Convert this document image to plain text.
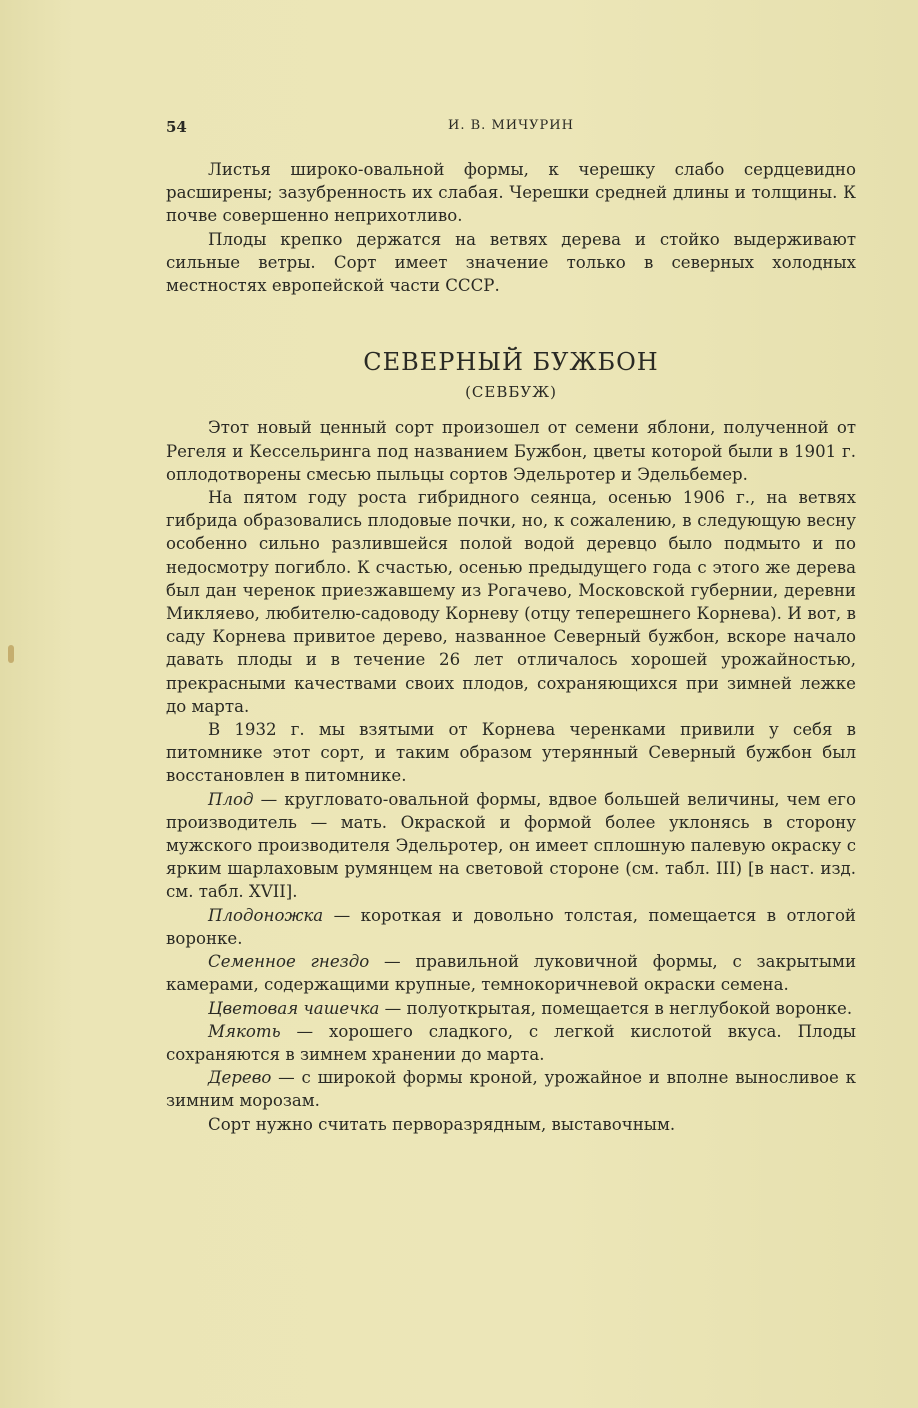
54	И. В. МИЧУРИН

Листья широко-овальной формы, к черешку слабо сердцевидно расширены; зазубренность их слабая. Черешки средней длины и толщины. К почве совершенно неприхотливо.

Плоды крепко держатся на ветвях дерева и стойко выдерживают сильные ветры. Сорт имеет значение только в северных холодных местностях европейской части СССР.

СЕВЕРНЫЙ БУЖБОН
(СЕВБУЖ)

Этот новый ценный сорт произошел от семени яблони, полученной от Регеля и Кессельринга под названием Бужбон, цветы которой были в 1901 г. оплодотворены смесью пыльцы сортов Эдельротер и Эдельбемер.

На пятом году роста гибридного сеянца, осенью 1906 г., на ветвях гибрида образовались плодовые почки, но, к сожалению, в следующую весну особенно сильно разлившейся полой водой деревцо было подмыто и по недосмотру погибло. К счастью, осенью предыдущего года с этого же дерева был дан черенок приезжавшему из Рогачево, Московской губернии, деревни Микляево, любителю-садоводу Корневу (отцу теперешнего Корнева). И вот, в саду Корнева привитое дерево, названное Северный бужбон, вскоре начало давать плоды и в течение 26 лет отличалось хорошей урожайностью, прекрасными качествами своих плодов, сохраняющихся при зимней лежке до марта.

В 1932 г. мы взятыми от Корнева черенками привили у себя в питомнике этот сорт, и таким образом утерянный Северный бужбон был восстановлен в питомнике.

Плод — кругловато-овальной формы, вдвое большей величины, чем его производитель — мать. Окраской и формой более уклонясь в сторону мужского производителя Эдельротер, он имеет сплошную палевую окраску с ярким шарлаховым румянцем на световой стороне (см. табл. III) [в наст. изд. см. табл. XVII].

Плодоножка — короткая и довольно толстая, помещается в отлогой воронке.

Семенное гнездо — правильной луковичной формы, с закрытыми камерами, содержащими крупные, темнокоричневой окраски семена.

Цветовая чашечка — полуоткрытая, помещается в неглубокой воронке.

Мякоть — хорошего сладкого, с легкой кислотой вкуса. Плоды сохраняются в зимнем хранении до марта.

Дерево — с широкой формы кроной, урожайное и вполне выносливое к зимним морозам.

Сорт нужно считать перворазрядным, выставочным.
